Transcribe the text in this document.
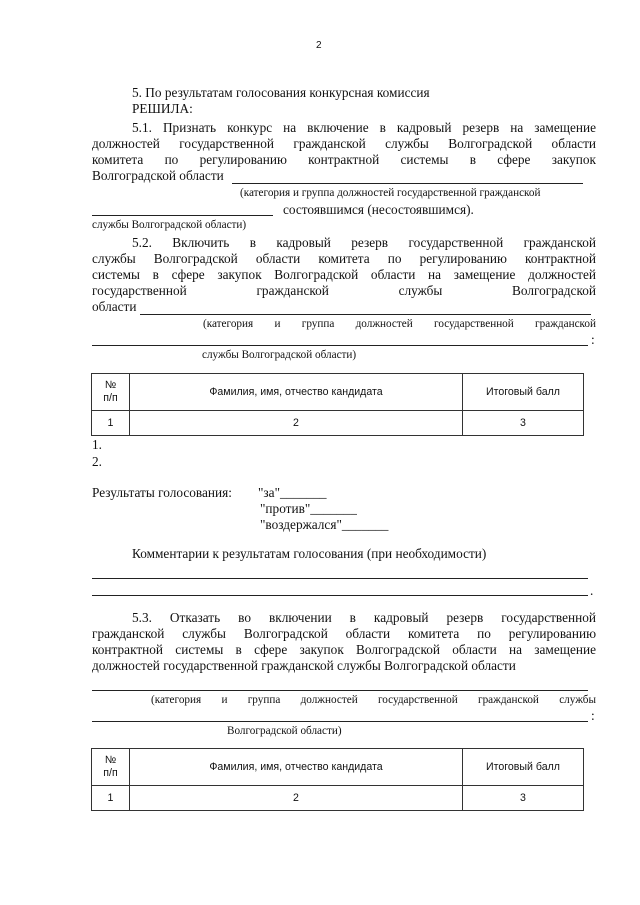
2
5. По результатам голосования конкурсная комиссия
РЕШИЛА:
5.1. Признать конкурс на включение в кадровый резерв на замещение
должностей государственной гражданской службы Волгоградской области
комитета по регулированию контрактной системы в сфере закупок
Волгоградской области
(категория и группа должностей государственной гражданской
состоявшимся (несостоявшимся).
службы Волгоградской области)
5.2. Включить в кадровый резерв государственной гражданской
службы Волгоградской области комитета по регулированию контрактной
системы в сфере закупок Волгоградской области на замещение должностей
государственной гражданской службы Волгоградской
области
(категория и группа должностей государственной гражданской
:
службы Волгоградской области)
№
п/п	Фамилия, имя, отчество кандидата	Итоговый балл
1	2	3
1.
2.
Результаты голосования: "за"_______
"против"_______
"воздержался"_______
Комментарии к результатам голосования (при необходимости)
.
5.3. Отказать во включении в кадровый резерв государственной
гражданской службы Волгоградской области комитета по регулированию
контрактной системы в сфере закупок Волгоградской области на замещение
должностей государственной гражданской службы Волгоградской области
(категория и группа должностей государственной гражданской службы
:
Волгоградской области)
№
п/п	Фамилия, имя, отчество кандидата	Итоговый балл
1	2	3
